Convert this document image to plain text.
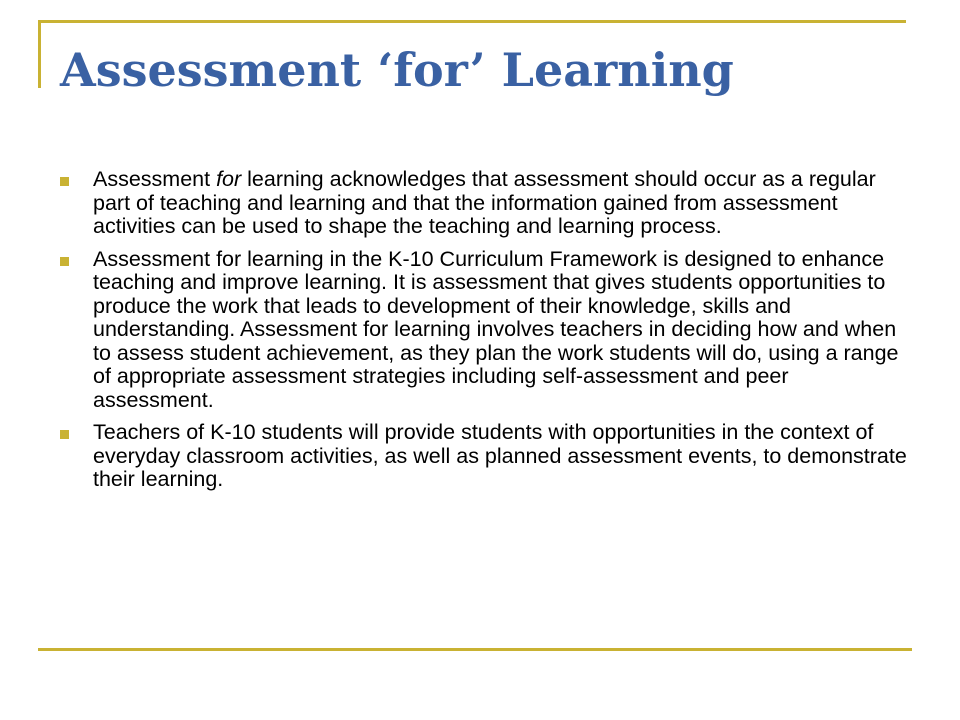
Assessment ‘for’ Learning
Assessment for learning acknowledges that assessment should occur as a regular part of teaching and learning and that the information gained from assessment activities can be used to shape the teaching and learning process.
Assessment for learning in the K-10 Curriculum Framework is designed to enhance teaching and improve learning. It is assessment that gives students opportunities to produce the work that leads to development of their knowledge, skills and understanding. Assessment for learning involves teachers in deciding how and when to assess student achievement, as they plan the work students will do, using a range of appropriate assessment strategies including self-assessment and peer assessment.
Teachers of K-10 students will provide students with opportunities in the context of everyday classroom activities, as well as planned assessment events, to demonstrate their learning.
